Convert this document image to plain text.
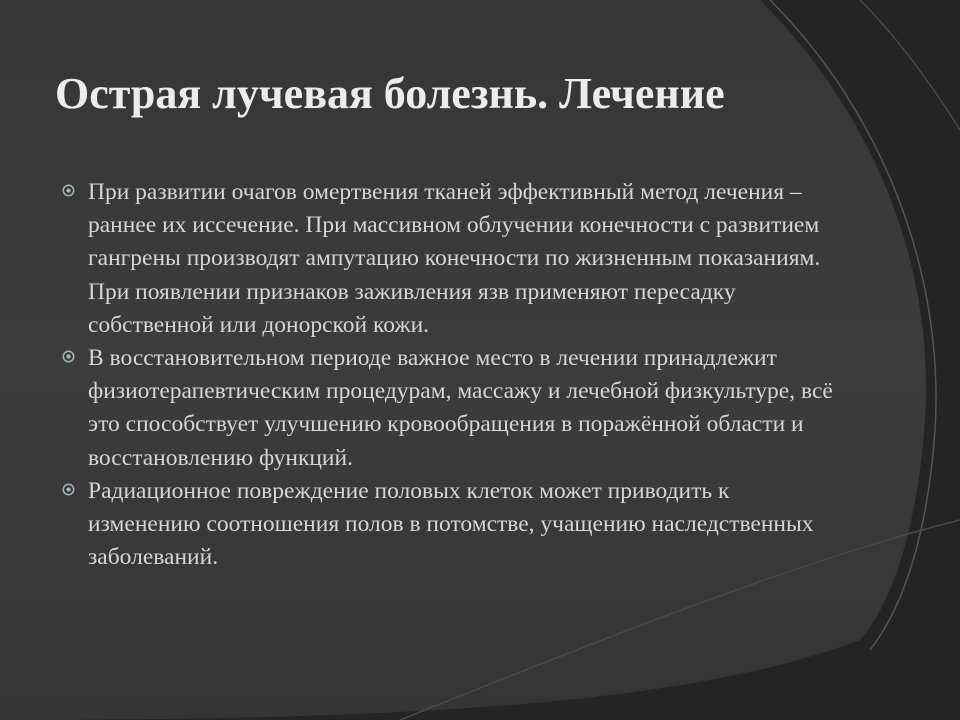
Острая лучевая болезнь. Лечение
При развитии очагов омертвения тканей эффективный метод лечения – раннее их иссечение. При массивном облучении конечности с развитием гангрены производят ампутацию конечности по жизненным показаниям. При появлении признаков заживления язв применяют пересадку собственной или донорской кожи.
В восстановительном периоде важное место в лечении принадлежит физиотерапевтическим процедурам, массажу и лечебной физкультуре, всё это способствует улучшению кровообращения в поражённой области и восстановлению функций.
Радиационное повреждение половых клеток может приводить к изменению соотношения полов в потомстве, учащению наследственных заболеваний.
